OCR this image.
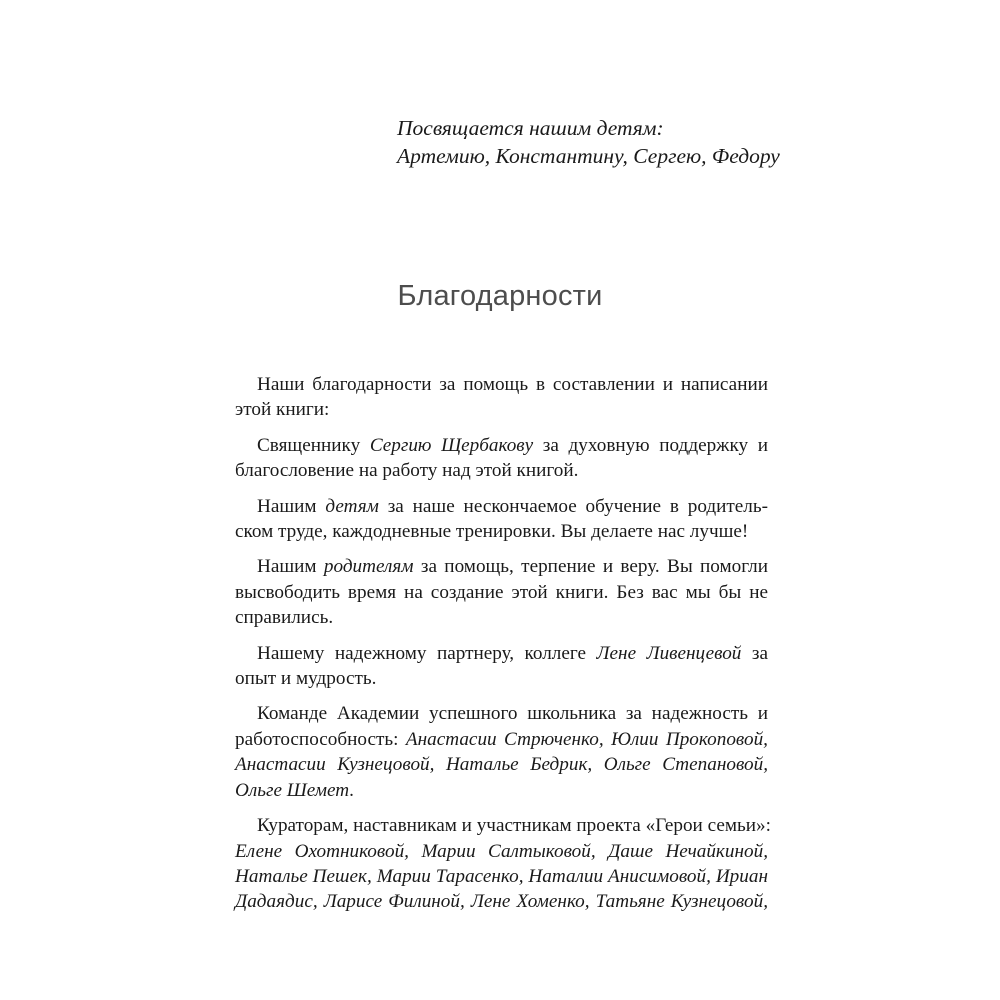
Посвящается нашим детям:
Артемию, Константину, Сергею, Федору
Благодарности
Наши благодарности за помощь в составлении и написании
этой книги:
Священнику Сергию Щербакову за духовную поддержку и
благословение на работу над этой книгой.
Нашим детям за наше нескончаемое обучение в родитель-
ском труде, каждодневные тренировки. Вы делаете нас лучше!
Нашим родителям за помощь, терпение и веру. Вы помогли
высвободить время на создание этой книги. Без вас мы бы не
справились.
Нашему надежному партнеру, коллеге Лене Ливенцевой за
опыт и мудрость.
Команде Академии успешного школьника за надежность и
работоспособность: Анастасии Стрюченко, Юлии Прокоповой,
Анастасии Кузнецовой, Наталье Бедрик, Ольге Степановой,
Ольге Шемет.
Кураторам, наставникам и участникам проекта «Герои семьи»:
Елене Охотниковой, Марии Салтыковой, Даше Нечайкиной,
Наталье Пешек, Марии Тарасенко, Наталии Анисимовой, Ириан
Дадаядис, Ларисе Филиной, Лене Хоменко, Татьяне Кузнецовой,
